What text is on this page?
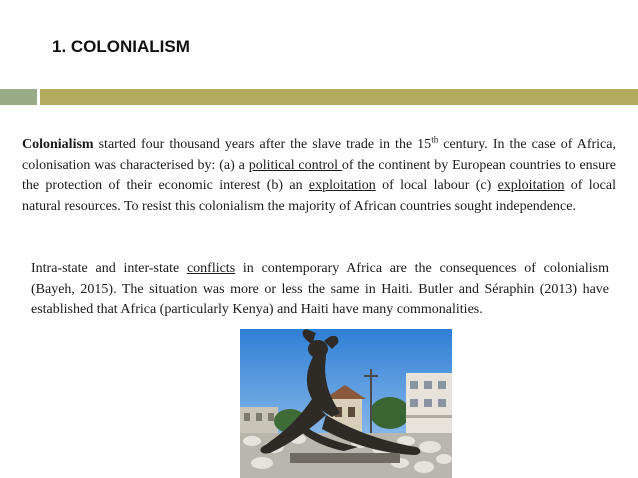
1. COLONIALISM

Colonialism started four thousand years after the slave trade in the 15th century. In the case of Africa, colonisation was characterised by: (a) a political control of the continent by European countries to ensure the protection of their economic interest (b) an exploitation of local labour (c) exploitation of local natural resources. To resist this colonialism the majority of African countries sought independence.

Intra-state and inter-state conflicts in contemporary Africa are the consequences of colonialism (Bayeh, 2015). The situation was more or less the same in Haiti. Butler and Séraphin (2013) have established that Africa (particularly Kenya) and Haiti have many commonalities.
